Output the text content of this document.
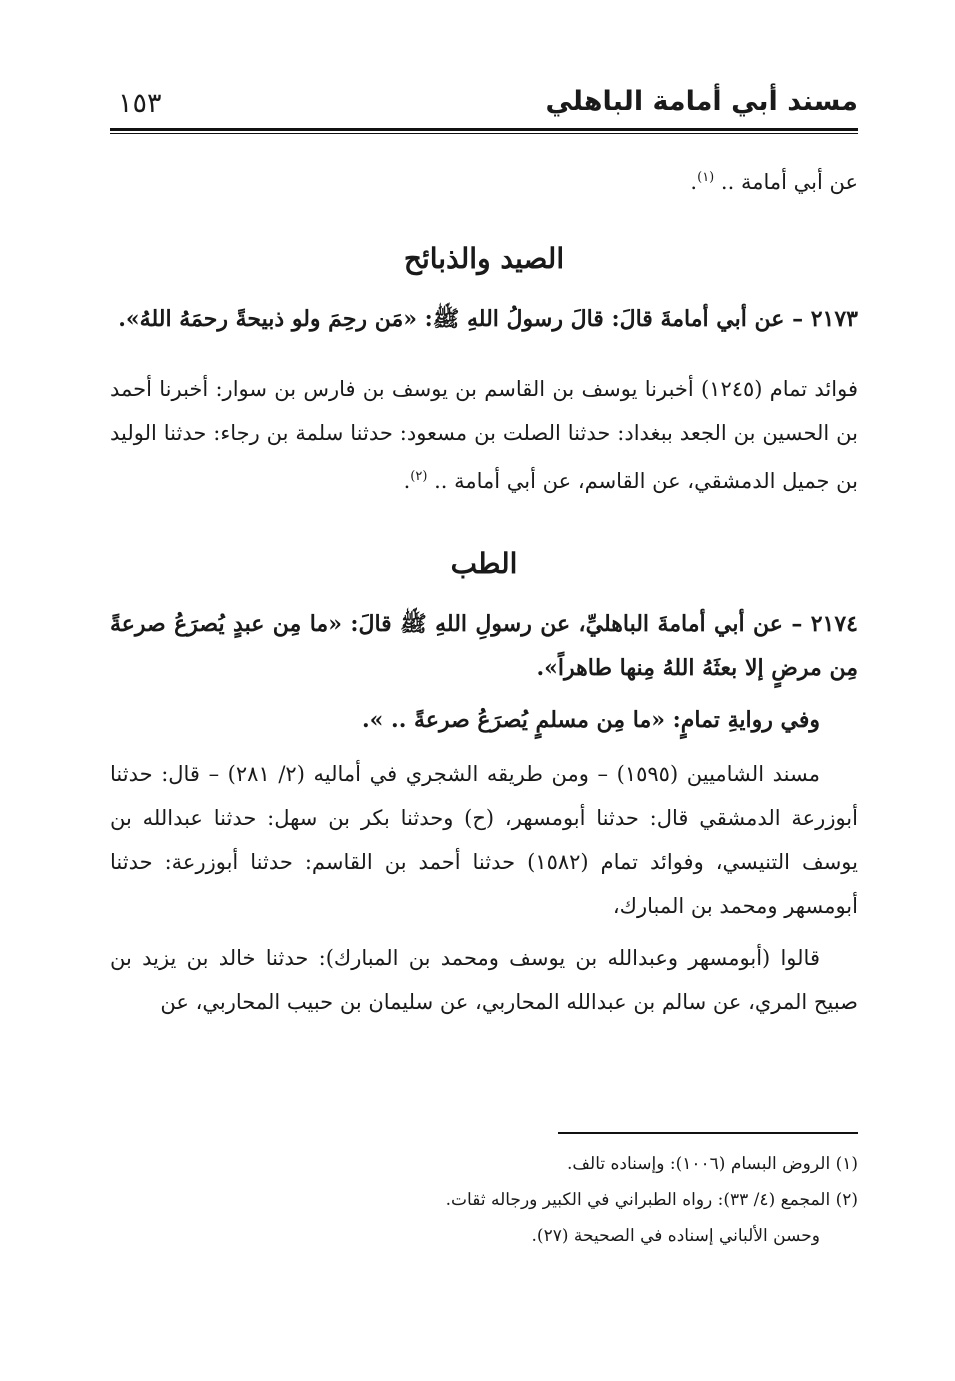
مسند أبي أمامة الباهلي
١٥٣

عن أبي أمامة .. $^{(١)}$.

الصيد والذبائح

٢١٧٣ – عن أبي أمامةَ قالَ: قالَ رسولُ اللهِ ﷺ: «مَن رحِمَ ولو ذبيحةً رحمَهُ اللهُ».

فوائد تمام (١٢٤٥) أخبرنا يوسف بن القاسم بن يوسف بن فارس بن سوار: أخبرنا أحمد بن الحسين بن الجعد ببغداد: حدثنا الصلت بن مسعود: حدثنا سلمة بن رجاء: حدثنا الوليد بن جميل الدمشقي، عن القاسم، عن أبي أمامة .. $^{(٢)}$.

الطب

٢١٧٤ – عن أبي أمامةَ الباهليِّ، عن رسولِ اللهِ ﷺ قالَ: «ما مِن عبدٍ يُصرَعُ صرعةً مِن مرضٍ إلا بعثَهُ اللهُ مِنها طاهراً».

وفي روايةِ تمامٍ: «ما مِن مسلمٍ يُصرَعُ صرعةً .. ».

مسند الشاميين (١٥٩٥) – ومن طريقه الشجري في أماليه (٢/ ٢٨١) – قال: حدثنا أبوزرعة الدمشقي قال: حدثنا أبومسهر، (ح) وحدثنا بكر بن سهل: حدثنا عبدالله بن يوسف التنيسي، وفوائد تمام (١٥٨٢) حدثنا أحمد بن القاسم: حدثنا أبوزرعة: حدثنا أبومسهر ومحمد بن المبارك،

قالوا (أبومسهر وعبدالله بن يوسف ومحمد بن المبارك): حدثنا خالد بن يزيد بن صبيح المري، عن سالم بن عبدالله المحاربي، عن سليمان بن حبيب المحاربي، عن

(١) الروض البسام (١٠٠٦): وإسناده تالف.

(٢) المجمع (٤/ ٣٣): رواه الطبراني في الكبير ورجاله ثقات.

وحسن الألباني إسناده في الصحيحة (٢٧).
